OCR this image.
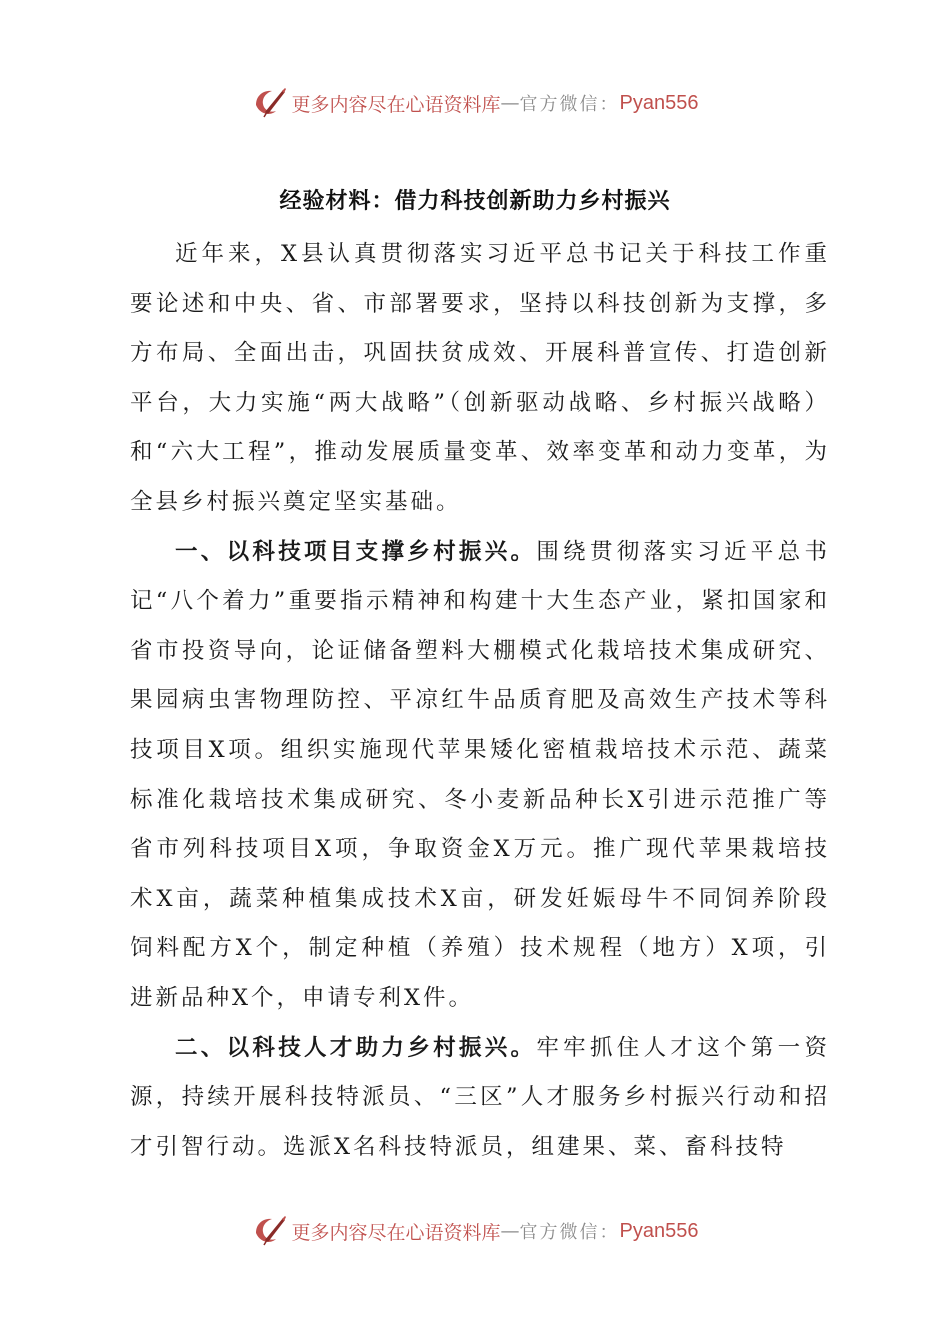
更多内容尽在心语资料库 — 官方微信： Pyan556
经验材料：借力科技创新助力乡村振兴

近年来，X县认真贯彻落实习近平总书记关于科技工作重要论述和中央、省、市部署要求，坚持以科技创新为支撑，多方布局、全面出击，巩固扶贫成效、开展科普宣传、打造创新平台，大力实施“两大战略”（创新驱动战略、乡村振兴战略）和“六大工程”，推动发展质量变革、效率变革和动力变革，为全县乡村振兴奠定坚实基础。

一、以科技项目支撑乡村振兴。围绕贯彻落实习近平总书记“八个着力”重要指示精神和构建十大生态产业，紧扣国家和省市投资导向，论证储备塑料大棚模式化栽培技术集成研究、果园病虫害物理防控、平凉红牛品质育肥及高效生产技术等科技项目X项。组织实施现代苹果矮化密植栽培技术示范、蔬菜标准化栽培技术集成研究、冬小麦新品种长X引进示范推广等省市列科技项目X项，争取资金X万元。推广现代苹果栽培技术X亩，蔬菜种植集成技术X亩，研发妊娠母牛不同饲养阶段饲料配方X个，制定种植（养殖）技术规程（地方）X项，引进新品种X个，申请专利X件。

二、以科技人才助力乡村振兴。牢牢抓住人才这个第一资源，持续开展科技特派员、“三区”人才服务乡村振兴行动和招才引智行动。选派X名科技特派员，组建果、菜、畜科技特

更多内容尽在心语资料库 — 官方微信： Pyan556
